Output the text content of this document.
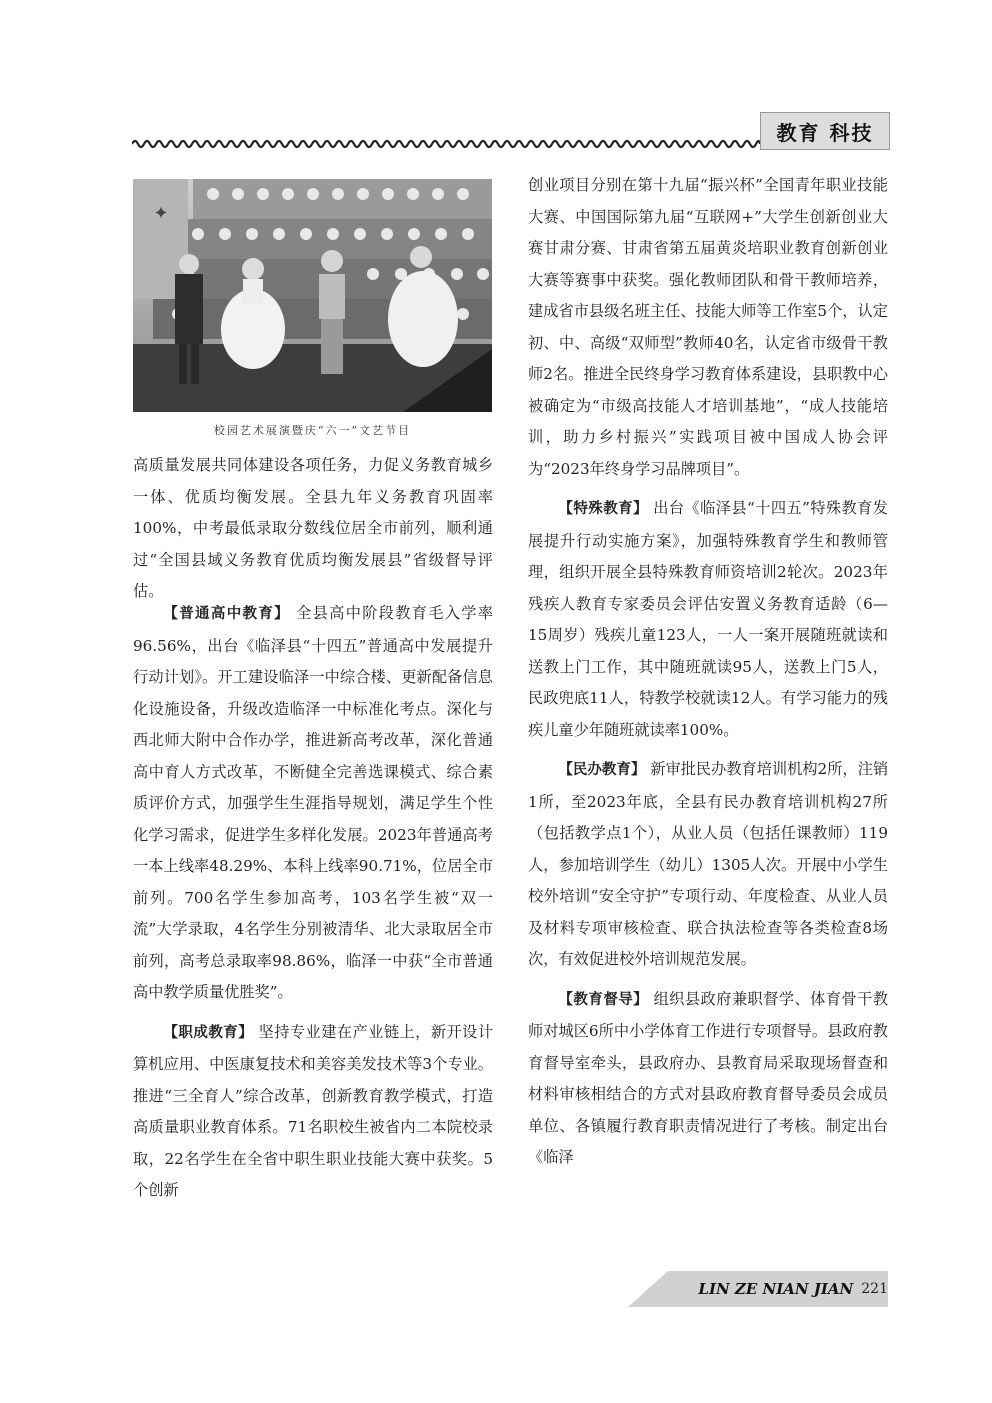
教育 科技
✦
校园艺术展演暨庆“六一”文艺节目

高质量发展共同体建设各项任务，力促义务教育城乡一体、优质均衡发展。全县九年义务教育巩固率100%，中考最低录取分数线位居全市前列，顺利通过“全国县域义务教育优质均衡发展县”省级督导评估。

【普通高中教育】 全县高中阶段教育毛入学率96.56%，出台《临泽县“十四五”普通高中发展提升行动计划》。开工建设临泽一中综合楼、更新配备信息化设施设备，升级改造临泽一中标准化考点。深化与西北师大附中合作办学，推进新高考改革，深化普通高中育人方式改革，不断健全完善选课模式、综合素质评价方式，加强学生生涯指导规划，满足学生个性化学习需求，促进学生多样化发展。2023年普通高考一本上线率48.29%、本科上线率90.71%，位居全市前列。700名学生参加高考，103名学生被“双一流”大学录取，4名学生分别被清华、北大录取居全市前列，高考总录取率98.86%，临泽一中获“全市普通高中教学质量优胜奖”。

【职成教育】 坚持专业建在产业链上，新开设计算机应用、中医康复技术和美容美发技术等3个专业。推进“三全育人”综合改革，创新教育教学模式，打造高质量职业教育体系。71名职校生被省内二本院校录取，22名学生在全省中职生职业技能大赛中获奖。5个创新

创业项目分别在第十九届“振兴杯”全国青年职业技能大赛、中国国际第九届“互联网+”大学生创新创业大赛甘肃分赛、甘肃省第五届黄炎培职业教育创新创业大赛等赛事中获奖。强化教师团队和骨干教师培养，建成省市县级名班主任、技能大师等工作室5个，认定初、中、高级“双师型”教师40名，认定省市级骨干教师2名。推进全民终身学习教育体系建设，县职教中心被确定为“市级高技能人才培训基地”，“成人技能培训，助力乡村振兴”实践项目被中国成人协会评为“2023年终身学习品牌项目”。

【特殊教育】 出台《临泽县“十四五”特殊教育发展提升行动实施方案》，加强特殊教育学生和教师管理，组织开展全县特殊教育师资培训2轮次。2023年残疾人教育专家委员会评估安置义务教育适龄（6—15周岁）残疾儿童123人，一人一案开展随班就读和送教上门工作，其中随班就读95人，送教上门5人，民政兜底11人，特教学校就读12人。有学习能力的残疾儿童少年随班就读率100%。

【民办教育】 新审批民办教育培训机构2所，注销1所，至2023年底，全县有民办教育培训机构27所（包括教学点1个），从业人员（包括任课教师）119人，参加培训学生（幼儿）1305人次。开展中小学生校外培训“安全守护”专项行动、年度检查、从业人员及材料专项审核检查、联合执法检查等各类检查8场次，有效促进校外培训规范发展。

【教育督导】 组织县政府兼职督学、体育骨干教师对城区6所中小学体育工作进行专项督导。县政府教育督导室牵头，县政府办、县教育局采取现场督查和材料审核相结合的方式对县政府教育督导委员会成员单位、各镇履行教育职责情况进行了考核。制定出台《临泽

LIN ZE NIAN JIAN 221
